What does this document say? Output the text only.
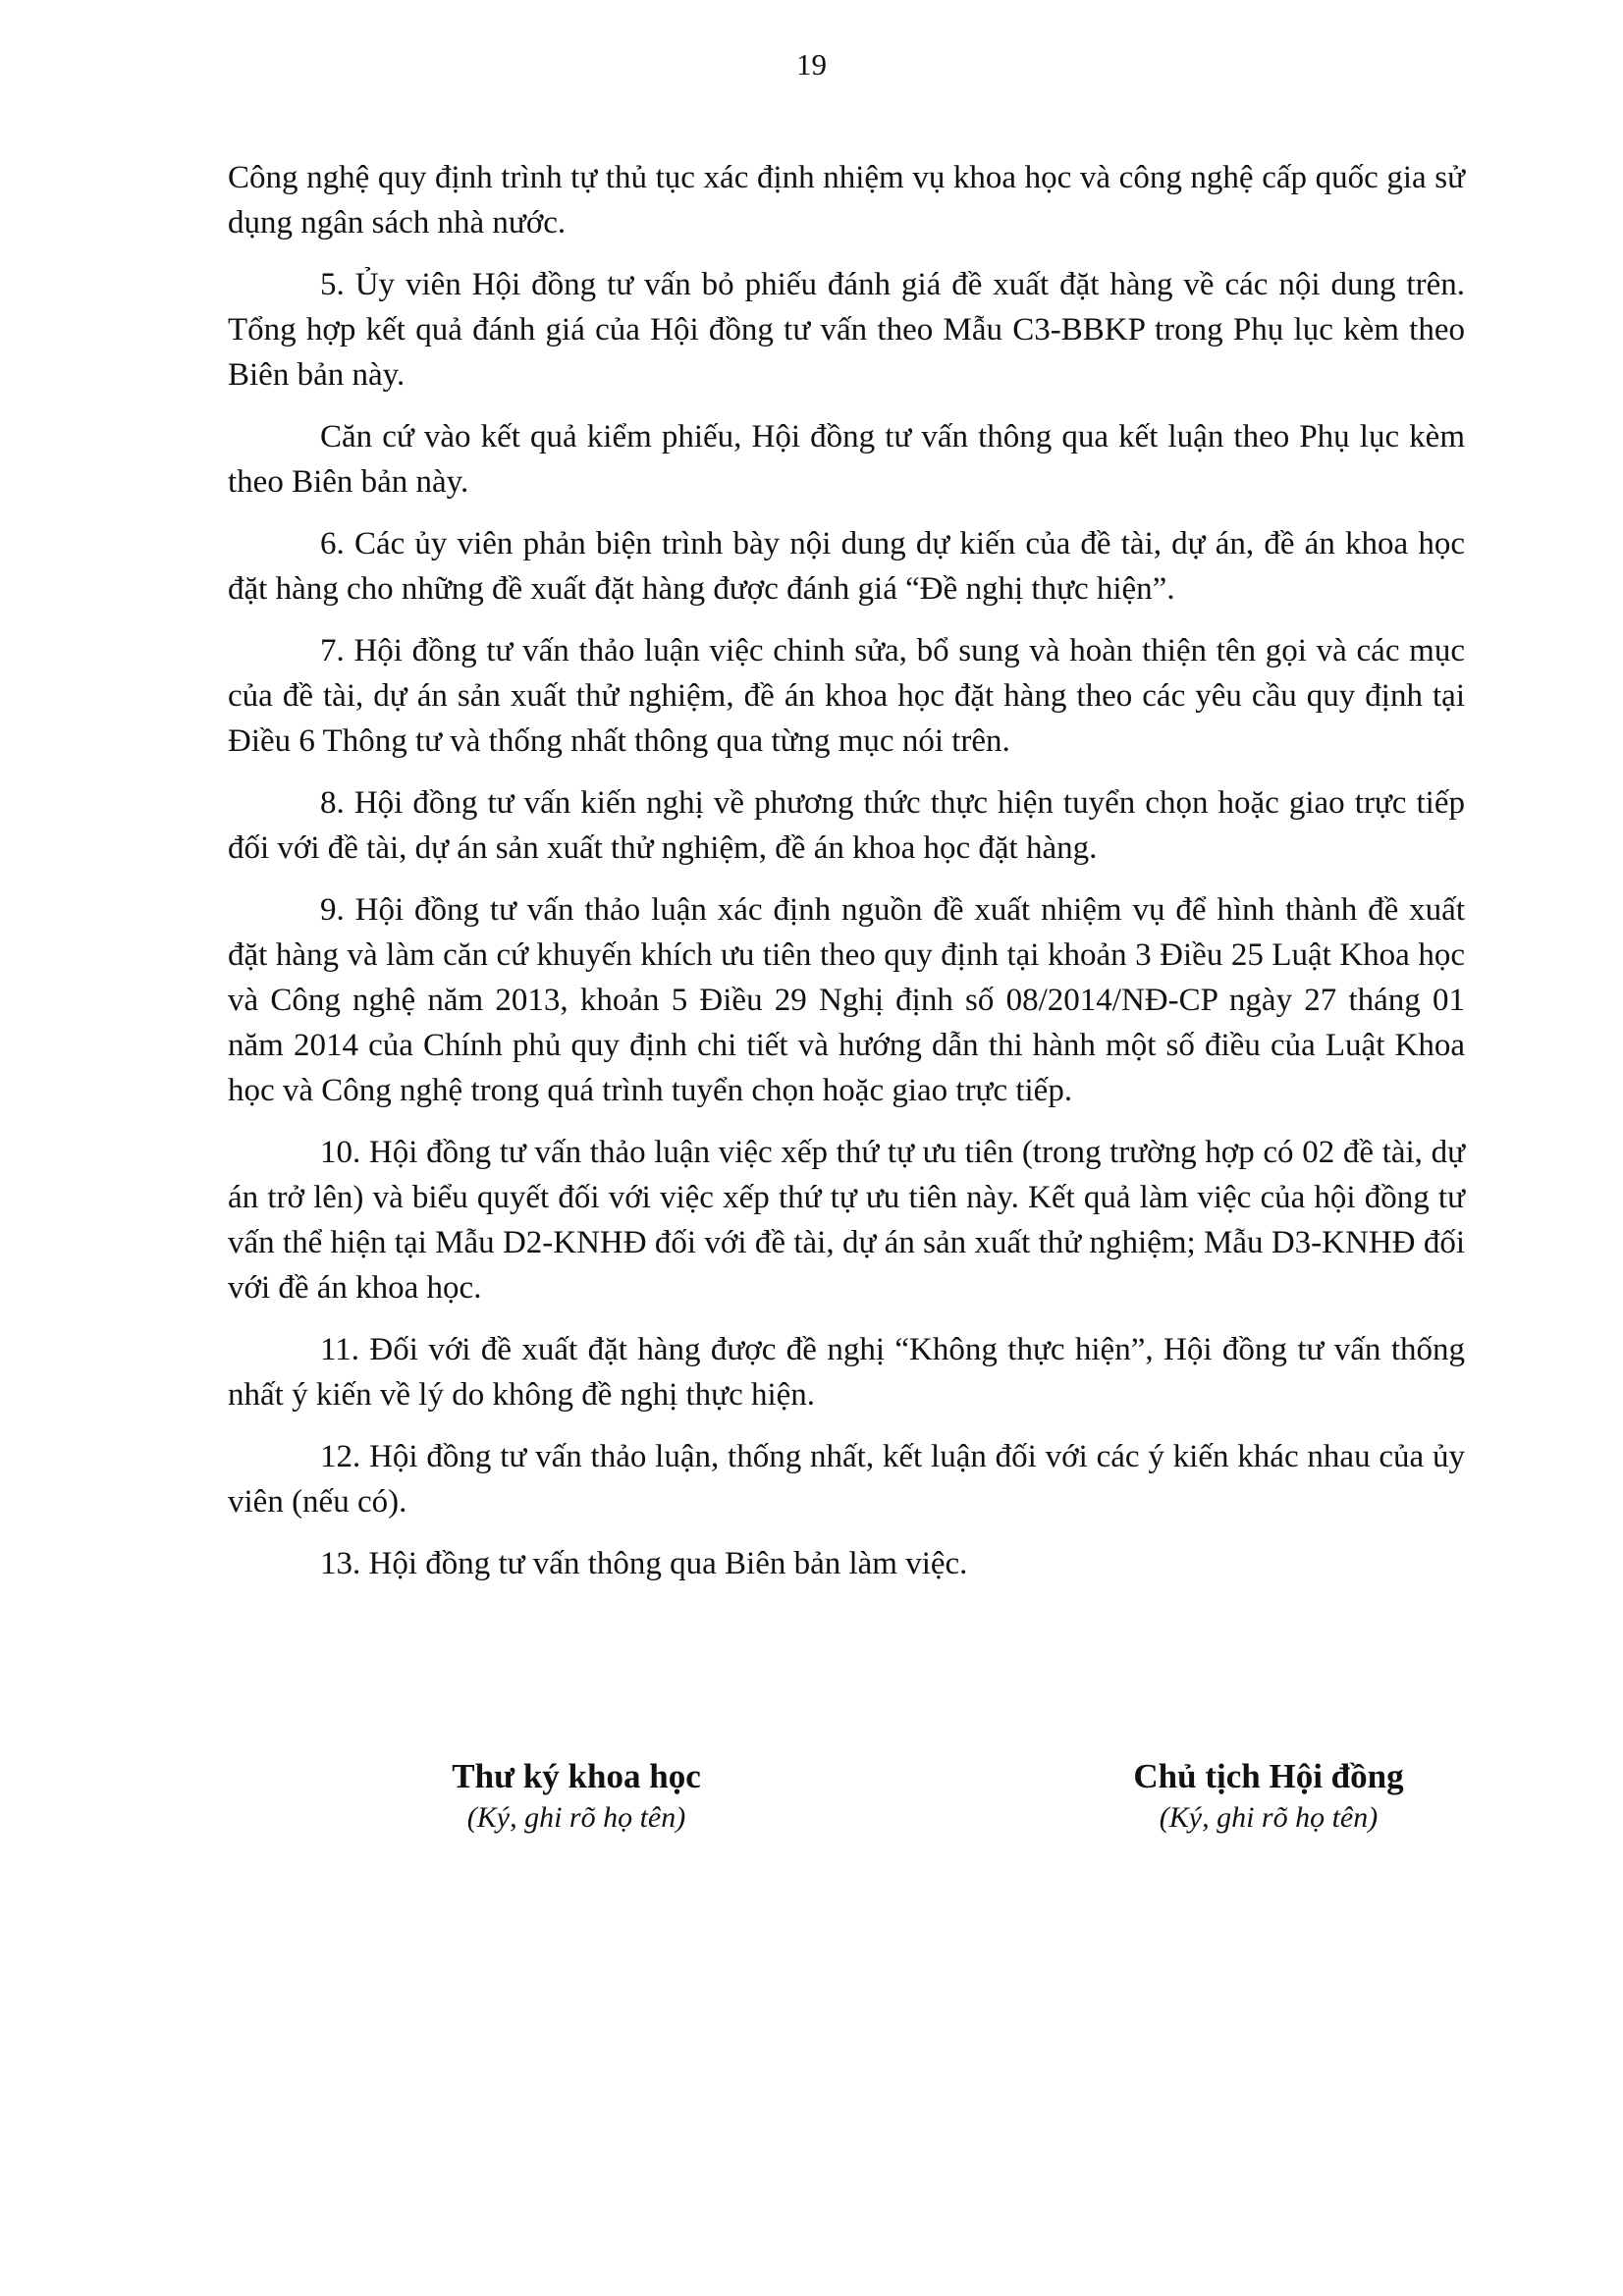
19

Công nghệ quy định trình tự thủ tục xác định nhiệm vụ khoa học và công nghệ cấp quốc gia sử dụng ngân sách nhà nước.

5. Ủy viên Hội đồng tư vấn bỏ phiếu đánh giá đề xuất đặt hàng về các nội dung trên. Tổng hợp kết quả đánh giá của Hội đồng tư vấn theo Mẫu C3-BBKP trong Phụ lục kèm theo Biên bản này.

Căn cứ vào kết quả kiểm phiếu, Hội đồng tư vấn thông qua kết luận theo Phụ lục kèm theo Biên bản này.

6. Các ủy viên phản biện trình bày nội dung dự kiến của đề tài, dự án, đề án khoa học đặt hàng cho những đề xuất đặt hàng được đánh giá “Đề nghị thực hiện”.

7. Hội đồng tư vấn thảo luận việc chinh sửa, bổ sung và hoàn thiện tên gọi và các mục của đề tài, dự án sản xuất thử nghiệm, đề án khoa học đặt hàng theo các yêu cầu quy định tại Điều 6 Thông tư và thống nhất thông qua từng mục nói trên.

8. Hội đồng tư vấn kiến nghị về phương thức thực hiện tuyển chọn hoặc giao trực tiếp đối với đề tài, dự án sản xuất thử nghiệm, đề án khoa học đặt hàng.

9. Hội đồng tư vấn thảo luận xác định nguồn đề xuất nhiệm vụ để hình thành đề xuất đặt hàng và làm căn cứ khuyến khích ưu tiên theo quy định tại khoản 3 Điều 25 Luật Khoa học và Công nghệ năm 2013, khoản 5 Điều 29 Nghị định số 08/2014/NĐ-CP ngày 27 tháng 01 năm 2014 của Chính phủ quy định chi tiết và hướng dẫn thi hành một số điều của Luật Khoa học và Công nghệ trong quá trình tuyển chọn hoặc giao trực tiếp.

10. Hội đồng tư vấn thảo luận việc xếp thứ tự ưu tiên (trong trường hợp có 02 đề tài, dự án trở lên) và biểu quyết đối với việc xếp thứ tự ưu tiên này. Kết quả làm việc của hội đồng tư vấn thể hiện tại Mẫu D2-KNHĐ đối với đề tài, dự án sản xuất thử nghiệm; Mẫu D3-KNHĐ đối với đề án khoa học.

11. Đối với đề xuất đặt hàng được đề nghị “Không thực hiện”, Hội đồng tư vấn thống nhất ý kiến về lý do không đề nghị thực hiện.

12. Hội đồng tư vấn thảo luận, thống nhất, kết luận đối với các ý kiến khác nhau của ủy viên (nếu có).

13. Hội đồng tư vấn thông qua Biên bản làm việc.

Thư ký khoa học
(Ký, ghi rõ họ tên)
Chủ tịch Hội đồng
(Ký, ghi rõ họ tên)
